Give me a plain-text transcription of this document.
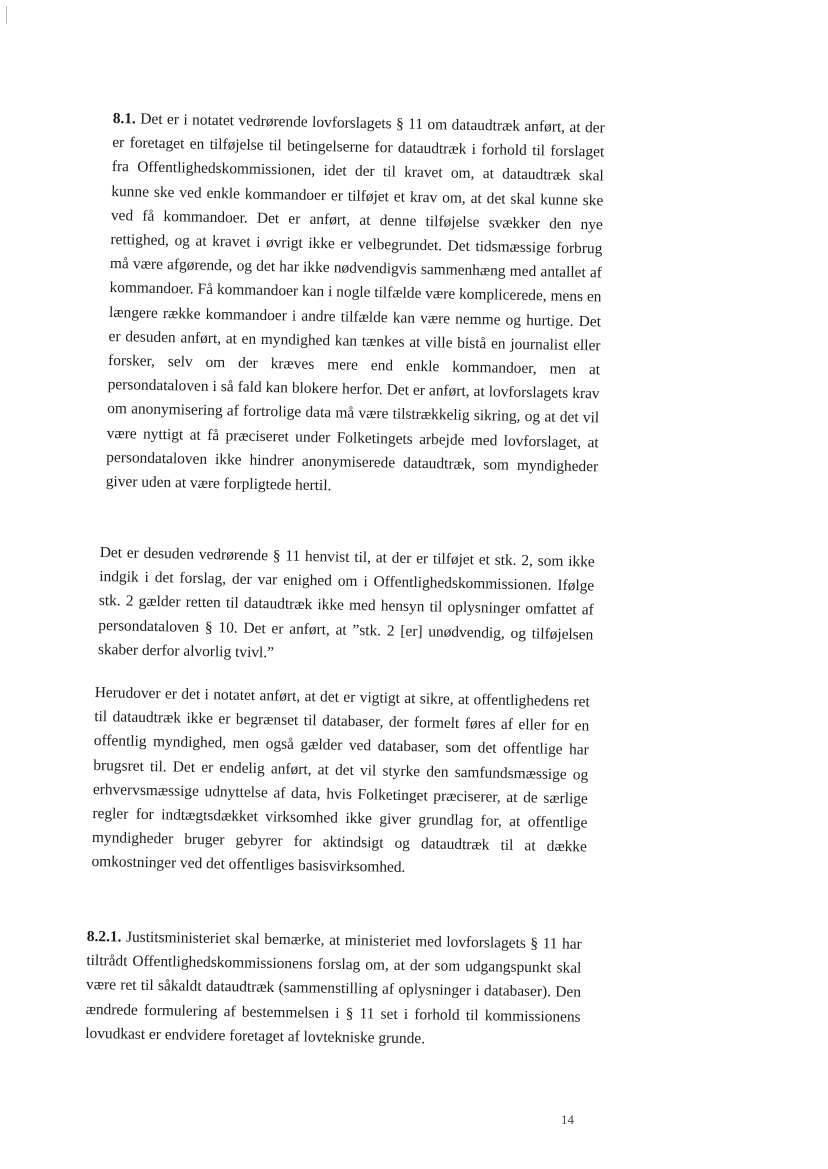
8.1. Det er i notatet vedrørende lovforslagets § 11 om dataudtræk anført, at der er foretaget en tilføjelse til betingelserne for dataudtræk i forhold til forslaget fra Offentlighedskommissionen, idet der til kravet om, at dataudtræk skal kunne ske ved enkle kommandoer er tilføjet et krav om, at det skal kunne ske ved få kommandoer. Det er anført, at denne tilføjelse svækker den nye rettighed, og at kravet i øvrigt ikke er velbegrundet. Det tidsmæssige forbrug må være afgørende, og det har ikke nødvendigvis sammenhæng med antallet af kommandoer. Få kommandoer kan i nogle tilfælde være komplicerede, mens en længere række kommandoer i andre tilfælde kan være nemme og hurtige. Det er desuden anført, at en myndighed kan tænkes at ville bistå en journalist eller forsker, selv om der kræves mere end enkle kommandoer, men at persondataloven i så fald kan blokere herfor. Det er anført, at lovforslagets krav om anonymisering af fortrolige data må være tilstrækkelig sikring, og at det vil være nyttigt at få præciseret under Folketingets arbejde med lovforslaget, at persondataloven ikke hindrer anonymiserede dataudtræk, som myndigheder giver uden at være forpligtede hertil.

Det er desuden vedrørende § 11 henvist til, at der er tilføjet et stk. 2, som ikke indgik i det forslag, der var enighed om i Offentlighedskommissionen. Ifølge stk. 2 gælder retten til dataudtræk ikke med hensyn til oplysninger omfattet af persondataloven § 10. Det er anført, at ”stk. 2 [er] unødvendig, og tilføjelsen skaber derfor alvorlig tvivl.”

Herudover er det i notatet anført, at det er vigtigt at sikre, at offentlighedens ret til dataudtræk ikke er begrænset til databaser, der formelt føres af eller for en offentlig myndighed, men også gælder ved databaser, som det offentlige har brugsret til. Det er endelig anført, at det vil styrke den samfundsmæssige og erhvervsmæssige udnyttelse af data, hvis Folketinget præciserer, at de særlige regler for indtægtsdækket virksomhed ikke giver grundlag for, at offentlige myndigheder bruger gebyrer for aktindsigt og dataudtræk til at dække omkostninger ved det offentliges basisvirksomhed.

8.2.1. Justitsministeriet skal bemærke, at ministeriet med lovforslagets § 11 har tiltrådt Offentlighedskommissionens forslag om, at der som udgangspunkt skal være ret til såkaldt dataudtræk (sammenstilling af oplysninger i databaser). Den ændrede formulering af bestemmelsen i § 11 set i forhold til kommissionens lovudkast er endvidere foretaget af lovtekniske grunde.

14
